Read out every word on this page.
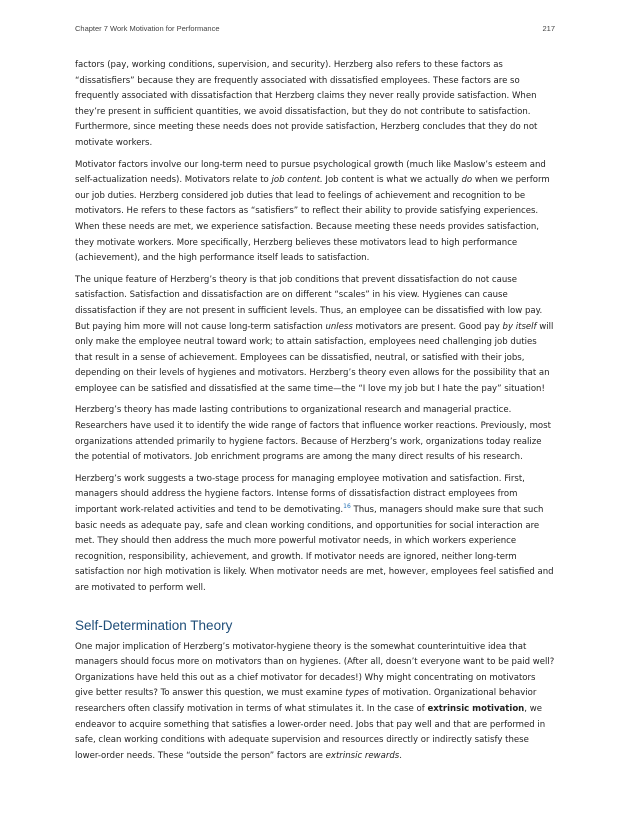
Chapter 7 Work Motivation for Performance	217

factors (pay, working conditions, supervision, and security). Herzberg also refers to these factors as “dissatisfiers” because they are frequently associated with dissatisfied employees. These factors are so frequently associated with dissatisfaction that Herzberg claims they never really provide satisfaction. When they’re present in sufficient quantities, we avoid dissatisfaction, but they do not contribute to satisfaction. Furthermore, since meeting these needs does not provide satisfaction, Herzberg concludes that they do not motivate workers.

Motivator factors involve our long-term need to pursue psychological growth (much like Maslow’s esteem and self-actualization needs). Motivators relate to job content. Job content is what we actually do when we perform our job duties. Herzberg considered job duties that lead to feelings of achievement and recognition to be motivators. He refers to these factors as “satisfiers” to reflect their ability to provide satisfying experiences. When these needs are met, we experience satisfaction. Because meeting these needs provides satisfaction, they motivate workers. More specifically, Herzberg believes these motivators lead to high performance (achievement), and the high performance itself leads to satisfaction.

The unique feature of Herzberg’s theory is that job conditions that prevent dissatisfaction do not cause satisfaction. Satisfaction and dissatisfaction are on different “scales” in his view. Hygienes can cause dissatisfaction if they are not present in sufficient levels. Thus, an employee can be dissatisfied with low pay. But paying him more will not cause long-term satisfaction unless motivators are present. Good pay by itself will only make the employee neutral toward work; to attain satisfaction, employees need challenging job duties that result in a sense of achievement. Employees can be dissatisfied, neutral, or satisfied with their jobs, depending on their levels of hygienes and motivators. Herzberg’s theory even allows for the possibility that an employee can be satisfied and dissatisfied at the same time—the “I love my job but I hate the pay” situation!

Herzberg’s theory has made lasting contributions to organizational research and managerial practice. Researchers have used it to identify the wide range of factors that influence worker reactions. Previously, most organizations attended primarily to hygiene factors. Because of Herzberg’s work, organizations today realize the potential of motivators. Job enrichment programs are among the many direct results of his research.

Herzberg’s work suggests a two-stage process for managing employee motivation and satisfaction. First, managers should address the hygiene factors. Intense forms of dissatisfaction distract employees from important work-related activities and tend to be demotivating.$^{16}$ Thus, managers should make sure that such basic needs as adequate pay, safe and clean working conditions, and opportunities for social interaction are met. They should then address the much more powerful motivator needs, in which workers experience recognition, responsibility, achievement, and growth. If motivator needs are ignored, neither long-term satisfaction nor high motivation is likely. When motivator needs are met, however, employees feel satisfied and are motivated to perform well.

Self-Determination Theory

One major implication of Herzberg’s motivator-hygiene theory is the somewhat counterintuitive idea that managers should focus more on motivators than on hygienes. (After all, doesn’t everyone want to be paid well? Organizations have held this out as a chief motivator for decades!) Why might concentrating on motivators give better results? To answer this question, we must examine types of motivation. Organizational behavior researchers often classify motivation in terms of what stimulates it. In the case of extrinsic motivation, we endeavor to acquire something that satisfies a lower-order need. Jobs that pay well and that are performed in safe, clean working conditions with adequate supervision and resources directly or indirectly satisfy these lower-order needs. These “outside the person” factors are extrinsic rewards.
